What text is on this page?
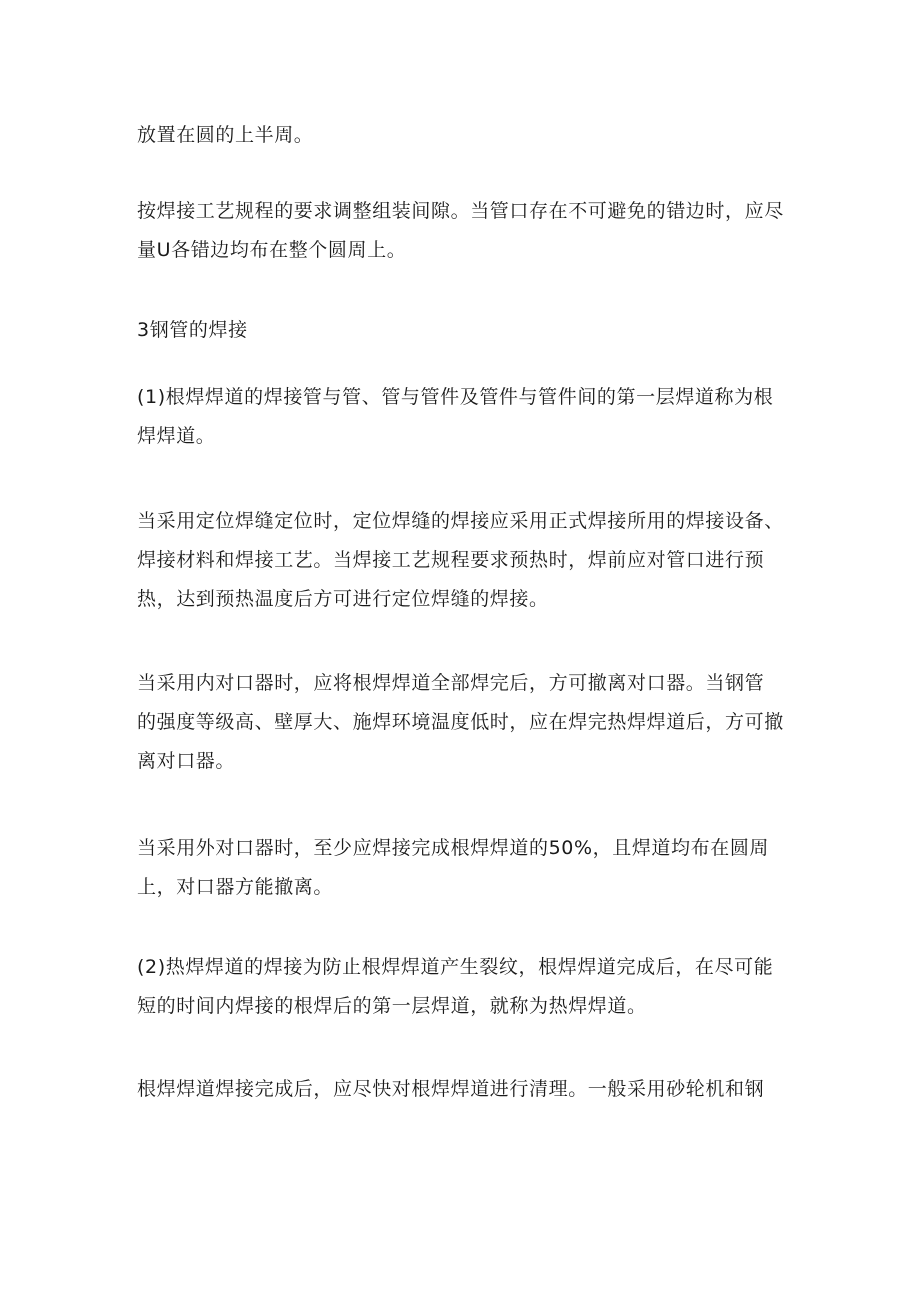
放置在圆的上半周。

按焊接工艺规程的要求调整组装间隙。当管口存在不可避免的错边时，应尽
量U各错边均布在整个圆周上。

3钢管的焊接

(1)根焊焊道的焊接管与管、管与管件及管件与管件间的第一层焊道称为根
焊焊道。

当采用定位焊缝定位时，定位焊缝的焊接应采用正式焊接所用的焊接设备、
焊接材料和焊接工艺。当焊接工艺规程要求预热时，焊前应对管口进行预
热，达到预热温度后方可进行定位焊缝的焊接。

当采用内对口器时，应将根焊焊道全部焊完后，方可撤离对口器。当钢管
的强度等级高、壁厚大、施焊环境温度低时，应在焊完热焊焊道后，方可撤
离对口器。

当采用外对口器时，至少应焊接完成根焊焊道的50%，且焊道均布在圆周
上，对口器方能撤离。

(2)热焊焊道的焊接为防止根焊焊道产生裂纹，根焊焊道完成后，在尽可能
短的时间内焊接的根焊后的第一层焊道，就称为热焊焊道。

根焊焊道焊接完成后，应尽快对根焊焊道进行清理。一般采用砂轮机和钢
